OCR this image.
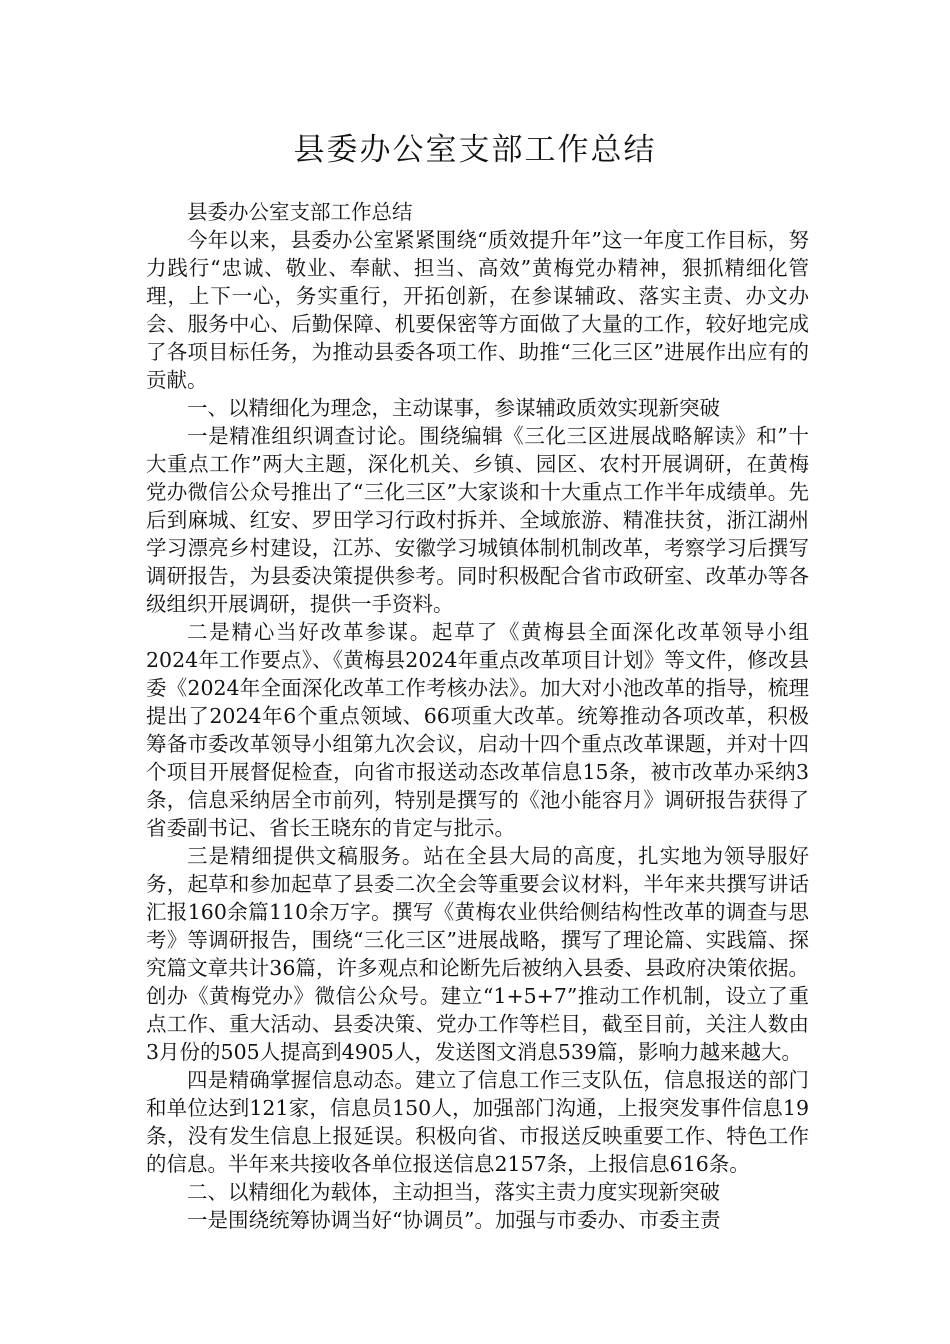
县委办公室支部工作总结

县委办公室支部工作总结

今年以来，县委办公室紧紧围绕“质效提升年”这一年度工作目标，努力践行“忠诚、敬业、奉献、担当、高效”黄梅党办精神，狠抓精细化管理，上下一心，务实重行，开拓创新，在参谋辅政、落实主责、办文办会、服务中心、后勤保障、机要保密等方面做了大量的工作，较好地完成了各项目标任务，为推动县委各项工作、助推“三化三区”进展作出应有的贡献。

一、以精细化为理念，主动谋事，参谋辅政质效实现新突破

一是精准组织调查讨论。围绕编辑《三化三区进展战略解读》和”十大重点工作”两大主题，深化机关、乡镇、园区、农村开展调研，在黄梅党办微信公众号推出了“三化三区”大家谈和十大重点工作半年成绩单。先后到麻城、红安、罗田学习行政村拆并、全域旅游、精准扶贫，浙江湖州学习漂亮乡村建设，江苏、安徽学习城镇体制机制改革，考察学习后撰写调研报告，为县委决策提供参考。同时积极配合省市政研室、改革办等各级组织开展调研，提供一手资料。

二是精心当好改革参谋。起草了《黄梅县全面深化改革领导小组2024年工作要点》、《黄梅县2024年重点改革项目计划》等文件，修改县委《2024年全面深化改革工作考核办法》。加大对小池改革的指导，梳理提出了2024年6个重点领域、66项重大改革。统筹推动各项改革，积极筹备市委改革领导小组第九次会议，启动十四个重点改革课题，并对十四个项目开展督促检查，向省市报送动态改革信息15条，被市改革办采纳3条，信息采纳居全市前列，特别是撰写的《池小能容月》调研报告获得了省委副书记、省长王晓东的肯定与批示。

三是精细提供文稿服务。站在全县大局的高度，扎实地为领导服好务，起草和参加起草了县委二次全会等重要会议材料，半年来共撰写讲话汇报160余篇110余万字。撰写《黄梅农业供给侧结构性改革的调查与思考》等调研报告，围绕“三化三区”进展战略，撰写了理论篇、实践篇、探究篇文章共计36篇，许多观点和论断先后被纳入县委、县政府决策依据。创办《黄梅党办》微信公众号。建立“1+5+7”推动工作机制，设立了重点工作、重大活动、县委决策、党办工作等栏目，截至目前，关注人数由3月份的505人提高到4905人，发送图文消息539篇，影响力越来越大。

四是精确掌握信息动态。建立了信息工作三支队伍，信息报送的部门和单位达到121家，信息员150人，加强部门沟通，上报突发事件信息19条，没有发生信息上报延误。积极向省、市报送反映重要工作、特色工作的信息。半年来共接收各单位报送信息2157条，上报信息616条。

二、以精细化为载体，主动担当，落实主责力度实现新突破

一是围绕统筹协调当好“协调员”。加强与市委办、市委主责
